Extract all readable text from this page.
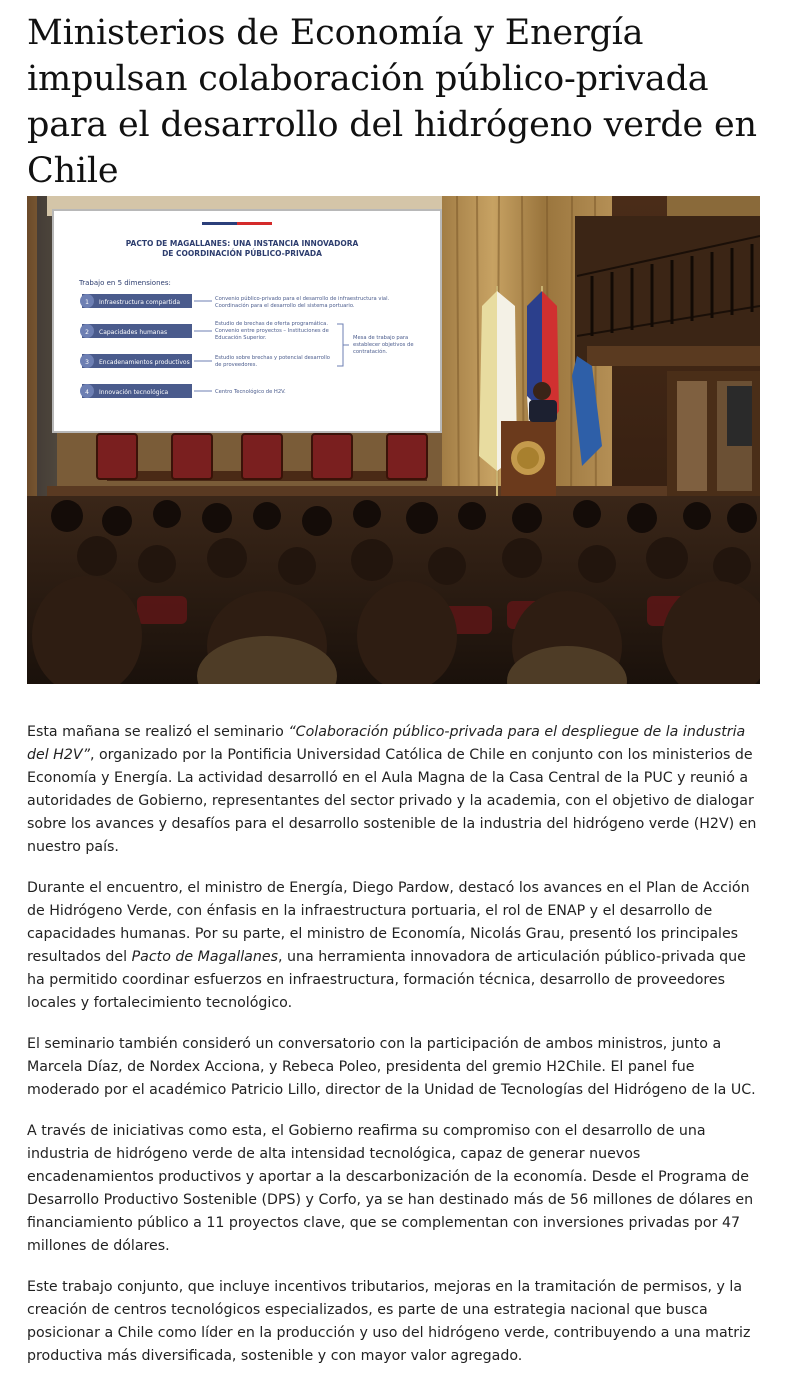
Ministerios de Economía y Energía impulsan colaboración público-privada para el desarrollo del hidrógeno verde en Chile
PACTO DE MAGALLANES: UNA INSTANCIA INNOVADORA
DE COORDINACIÓN PÚBLICO-PRIVADA
Trabajo en 5 dimensiones:
1 Infraestructura compartida	Convenio público-privado para el desarrollo de infraestructura vial.
Coordinación para el desarrollo del sistema portuario.
2 Capacidades humanas
Estudio de brechas de oferta programática.
Convenio entre proyectos – Instituciones de
Educación Superior.
3 Encadenamientos productivos
Estudio sobre brechas y potencial desarrollo
de proveedores.
Mesa de trabajo para
establecer objetivos de
contratación.
4 Innovación tecnológica	Centro Tecnológico de H2V.

Esta mañana se realizó el seminario “Colaboración público-privada para el despliegue de la industria del H2V”, organizado por la Pontificia Universidad Católica de Chile en conjunto con los ministerios de Economía y Energía. La actividad desarrolló en el Aula Magna de la Casa Central de la PUC y reunió a autoridades de Gobierno, representantes del sector privado y la academia, con el objetivo de dialogar sobre los avances y desafíos para el desarrollo sostenible de la industria del hidrógeno verde (H2V) en nuestro país.

Durante el encuentro, el ministro de Energía, Diego Pardow, destacó los avances en el Plan de Acción de Hidrógeno Verde, con énfasis en la infraestructura portuaria, el rol de ENAP y el desarrollo de capacidades humanas. Por su parte, el ministro de Economía, Nicolás Grau, presentó los principales resultados del Pacto de Magallanes, una herramienta innovadora de articulación público-privada que ha permitido coordinar esfuerzos en infraestructura, formación técnica, desarrollo de proveedores locales y fortalecimiento tecnológico.

El seminario también consideró un conversatorio con la participación de ambos ministros, junto a Marcela Díaz, de Nordex Acciona, y Rebeca Poleo, presidenta del gremio H2Chile. El panel fue moderado por el académico Patricio Lillo, director de la Unidad de Tecnologías del Hidrógeno de la UC.

A través de iniciativas como esta, el Gobierno reafirma su compromiso con el desarrollo de una industria de hidrógeno verde de alta intensidad tecnológica, capaz de generar nuevos encadenamientos productivos y aportar a la descarbonización de la economía. Desde el Programa de Desarrollo Productivo Sostenible (DPS) y Corfo, ya se han destinado más de 56 millones de dólares en financiamiento público a 11 proyectos clave, que se complementan con inversiones privadas por 47 millones de dólares.

Este trabajo conjunto, que incluye incentivos tributarios, mejoras en la tramitación de permisos, y la creación de centros tecnológicos especializados, es parte de una estrategia nacional que busca posicionar a Chile como líder en la producción y uso del hidrógeno verde, contribuyendo a una matriz productiva más diversificada, sostenible y con mayor valor agregado.
